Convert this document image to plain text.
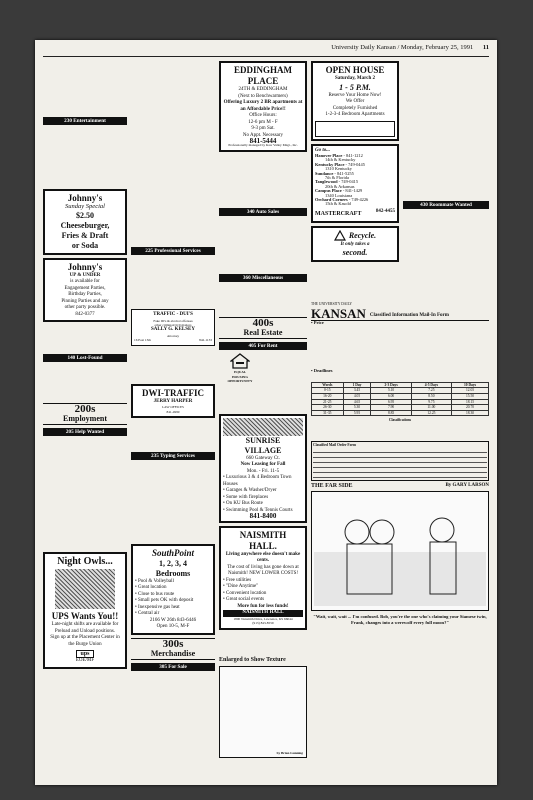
University Daily Kansan / Monday, February 25, 1991 11
230 Entertainment
Johnny's
Sunday Special
$2.50
Cheeseburger,
Fries & Draft
or Soda
Johnny's
UP & UNDER
is available for
Engagement Parties,
Birthday Parties,
Pinning Parties and any
other party possible.
842-0377
140 Lost-Found
200s
Employment
205 Help Wanted
Night Owls...
UPS Wants You!!
Late-night shifts are available for Preload and Unload positions.
Sign up at the Placement Center in the Burge Union
ups
EOE/MF
225 Professional Services
TRAFFIC - DUI'S
Fake ID's & alcohol offenses
other criminal/civil matters
SALLY G. KELSEY
Attorney
16 East 13th	842-1133
DWI-TRAFFIC
JERRY HARPER
LAW OFFICES
841-4999
235 Typing Services
SouthPoint
1, 2, 3, 4
Bedrooms
• Pool & Volleyball
• Great location
• Close to bus route
• Small pets OK with deposit
• Inexpensive gas heat
• Central air
2166 W 26th 843-6446
Open 10-5, M-F
300s
Merchandise
305 For Sale
EDDINGHAM
PLACE
24TH & EDDINGHAM
(Next to Benchwarmers)
Offering Luxury 2 BR apartments at an Affordable Price!!
Office Hours:
12-6 pm M - F
9-3 pm Sat.
No Appt. Necessary
841-5444
Professionally managed by Kaw Valley Mngt., Inc.
340 Auto Sales
360 Miscellaneous
400s
Real Estate
405 For Rent
EQUAL
HOUSING
OPPORTUNITY
SUNRISE
VILLAGE
660 Gateway Ct.
Now Leasing for Fall
Mon. - Fri. 11-5
• Luxurious 3 & 4 Bedroom Town Houses
• Garages & Washer/Dryer
• Some with fireplaces
• On KU Bus Route
• Swimming Pool & Tennis Courts
841-8400
NAISMITH
HALL.
Living anywhere else doesn't make cents.
The cost of living has gone down at Naismith! NEW LOWER COSTS!
• Free utilities
• "Dine Anytime"
• Convenient location
• Great social events
More fun for less funds!
NAISMITH HALL
1800 Naismith Drive, Lawrence, KS 66044
(913) 843-8559
Enlarged to Show Texture
by Brian Gunning
OPEN HOUSE
Saturday, March 2
1 - 5 P.M.
Reserve Your Home Now!
We Offer
Completely Furnished
1-2-3-4 Bedroom Apartments
Go to...
Hanover Place - 841-1212
14th & Kentucky
Kentucky Place - 749-0445
1310 Kentucky
Sundance - 841-5255
7th & Florida
Tanglewood - 749-0415
20th & Arkansas
Campus Place - 841-1429
1340 Louisiana
Orchard Corners - 749-4226
15th & Kasold
MASTERCRAFT	842-4455
Recycle.
It only takes a
second.
430 Roommate Wanted
THE UNIVERSITY DAILY
KANSAN Classified Information Mail-In Form
• Price
• Deadlines
Words	1 Day	2-3 Days	4-5 Days	10 Days
0-15	3.45	5.10	7.25	12.05
16-20	4.05	6.00	8.50	15.50
21-25	4.65	6.95	9.75	18.15
26-30	5.30	7.90	11.00	20.70
31-35	5.95	8.85	12.25	18.30
Classifications
Classified Mail Order Form
THE FAR SIDE	By GARY LARSON
"Wait, wait, wait ... I'm confused. Bob, you're the one who's claiming your Siamese twin, Frank, changes into a werewolf every full moon?"
